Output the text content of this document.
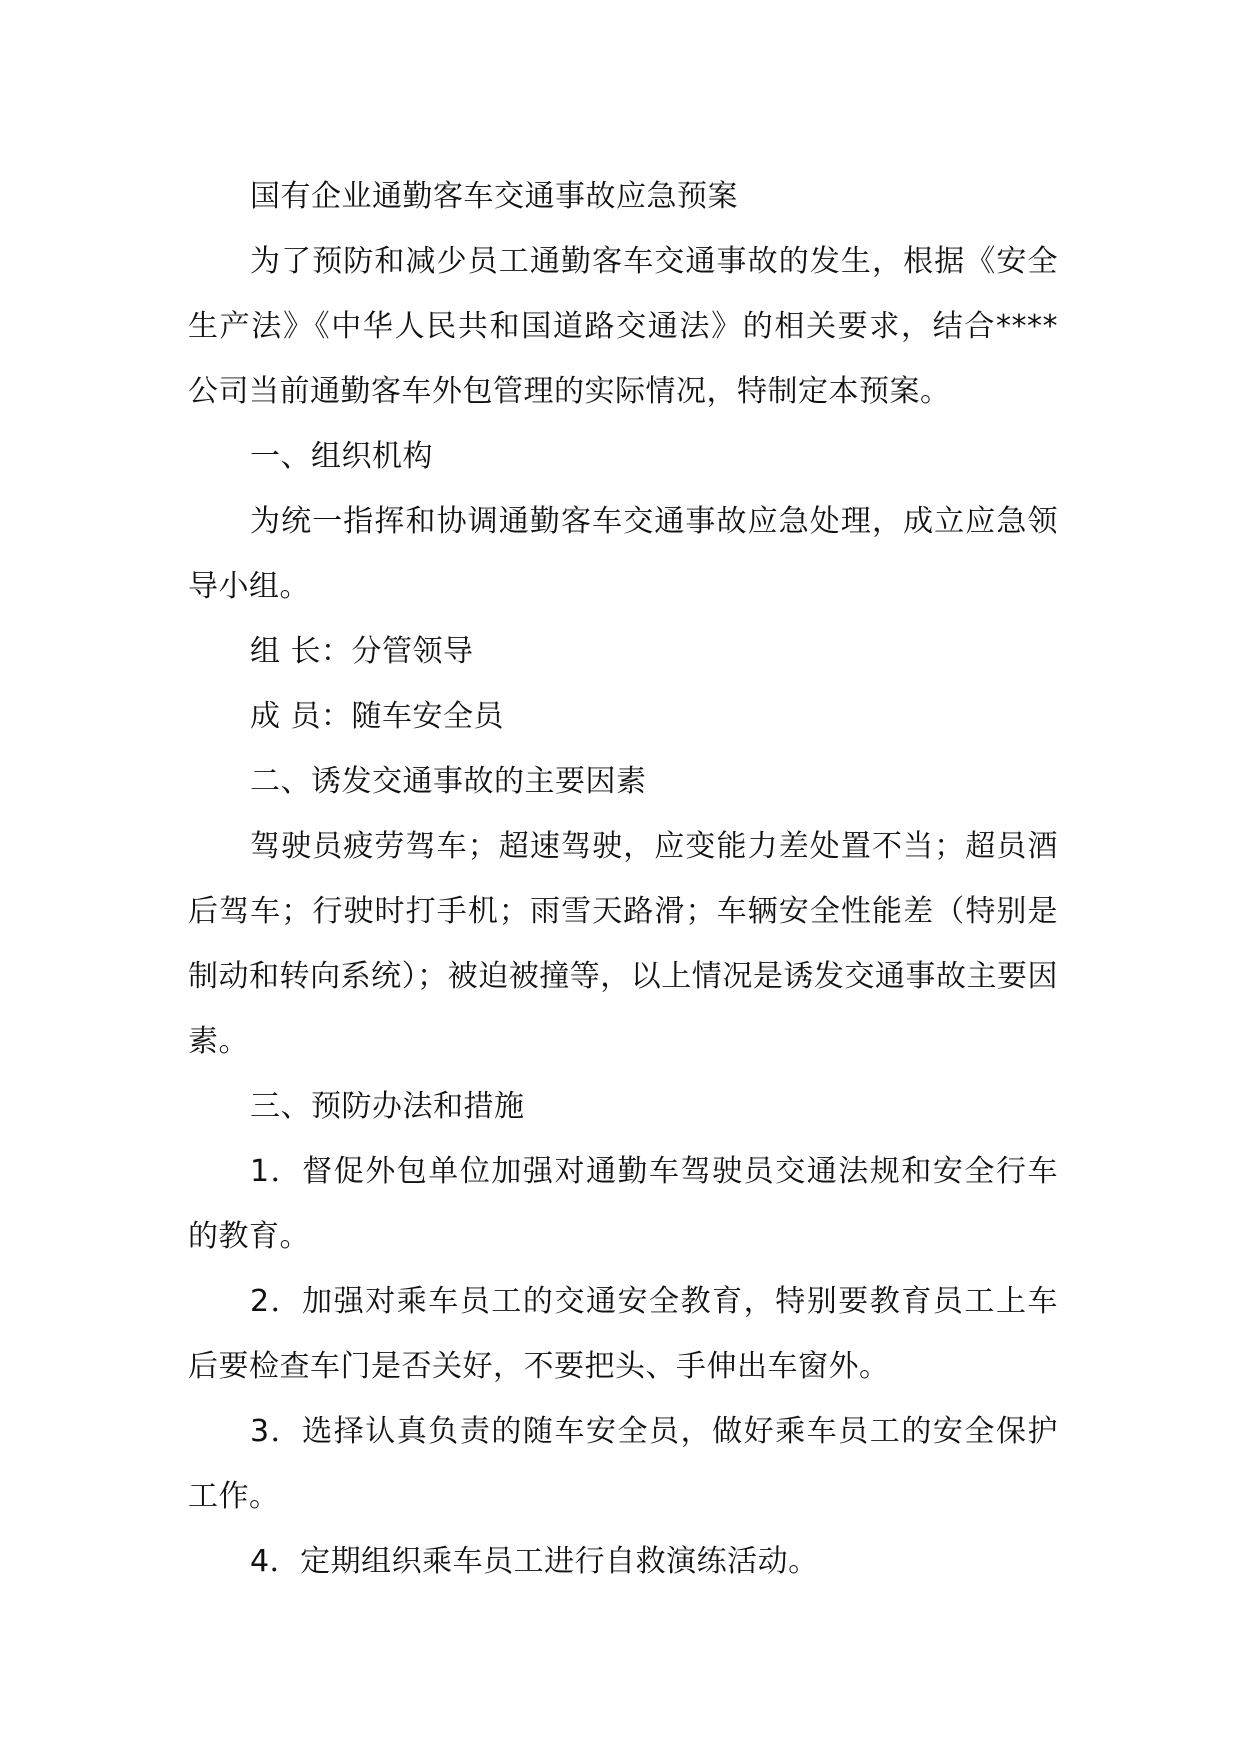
国有企业通勤客车交通事故应急预案

为了预防和减少员工通勤客车交通事故的发生，根据《安全生产法》《中华人民共和国道路交通法》的相关要求，结合****公司当前通勤客车外包管理的实际情况，特制定本预案。

一、组织机构

为统一指挥和协调通勤客车交通事故应急处理，成立应急领导小组。

组 长：分管领导

成 员：随车安全员

二、诱发交通事故的主要因素

驾驶员疲劳驾车；超速驾驶，应变能力差处置不当；超员酒后驾车；行驶时打手机；雨雪天路滑；车辆安全性能差（特别是制动和转向系统）；被迫被撞等，以上情况是诱发交通事故主要因素。

三、预防办法和措施

1．督促外包单位加强对通勤车驾驶员交通法规和安全行车的教育。

2．加强对乘车员工的交通安全教育，特别要教育员工上车后要检查车门是否关好，不要把头、手伸出车窗外。

3．选择认真负责的随车安全员，做好乘车员工的安全保护工作。

4．定期组织乘车员工进行自救演练活动。
